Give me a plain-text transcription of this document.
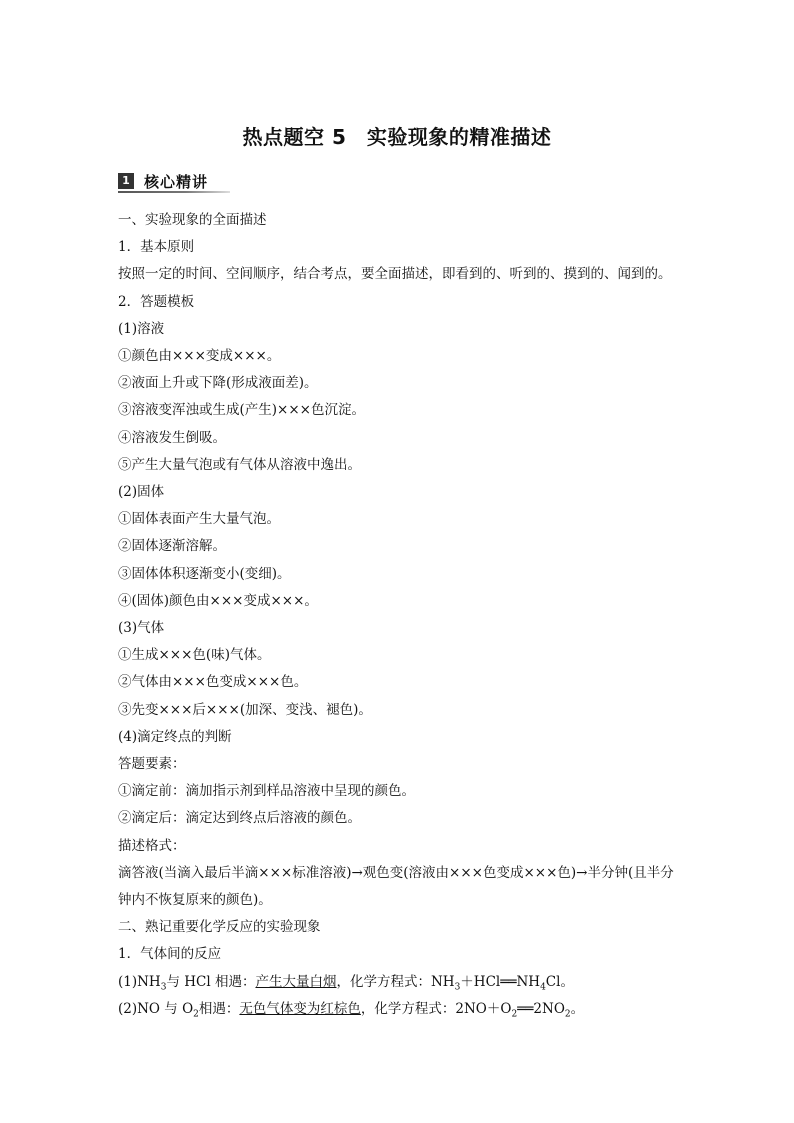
热点题空 5　实验现象的精准描述
1 核心精讲
一、实验现象的全面描述
1．基本原则
按照一定的时间、空间顺序，结合考点，要全面描述，即看到的、听到的、摸到的、闻到的。
2．答题模板
(1)溶液
①颜色由×××变成×××。
②液面上升或下降(形成液面差)。
③溶液变浑浊或生成(产生)×××色沉淀。
④溶液发生倒吸。
⑤产生大量气泡或有气体从溶液中逸出。
(2)固体
①固体表面产生大量气泡。
②固体逐渐溶解。
③固体体积逐渐变小(变细)。
④(固体)颜色由×××变成×××。
(3)气体
①生成×××色(味)气体。
②气体由×××色变成×××色。
③先变×××后×××(加深、变浅、褪色)。
(4)滴定终点的判断
答题要素：
①滴定前：滴加指示剂到样品溶液中呈现的颜色。
②滴定后：滴定达到终点后溶液的颜色。
描述格式：
滴答液(当滴入最后半滴×××标准溶液)→观色变(溶液由×××色变成×××色)→半分钟(且半分钟内不恢复原来的颜色)。
二、熟记重要化学反应的实验现象
1．气体间的反应
$(1)NH_3$与 HCl 相遇：产生大量白烟，化学方程式：$NH_3+HCl══NH_4Cl$。
(2)NO 与 $O_2$相遇：无色气体变为红棕色，化学方程式：$2NO+O_2══2NO_2$。
